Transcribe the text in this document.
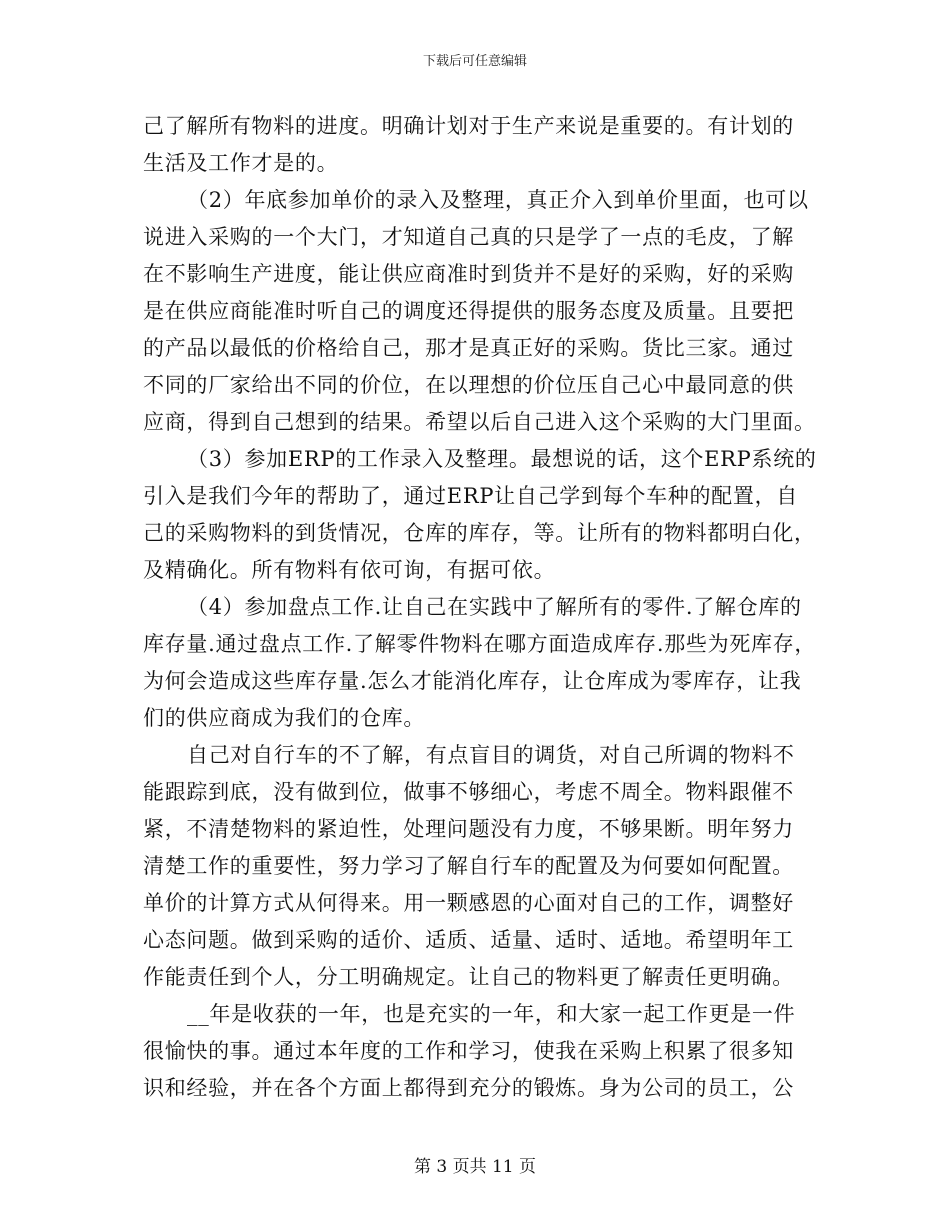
下载后可任意编辑
己了解所有物料的进度。明确计划对于生产来说是重要的。有计划的
生活及工作才是的。
（2）年底参加单价的录入及整理，真正介入到单价里面，也可以
说进入采购的一个大门，才知道自己真的只是学了一点的毛皮，了解
在不影响生产进度，能让供应商准时到货并不是好的采购，好的采购
是在供应商能准时听自己的调度还得提供的服务态度及质量。且要把
的产品以最低的价格给自己，那才是真正好的采购。货比三家。通过
不同的厂家给出不同的价位，在以理想的价位压自己心中最同意的供
应商，得到自己想到的结果。希望以后自己进入这个采购的大门里面。
（3）参加ERP的工作录入及整理。最想说的话，这个ERP系统的
引入是我们今年的帮助了，通过ERP让自己学到每个车种的配置，自
己的采购物料的到货情况，仓库的库存，等。让所有的物料都明白化，
及精确化。所有物料有依可询，有据可依。
（4）参加盘点工作.让自己在实践中了解所有的零件.了解仓库的
库存量.通过盘点工作.了解零件物料在哪方面造成库存.那些为死库存，
为何会造成这些库存量.怎么才能消化库存，让仓库成为零库存，让我
们的供应商成为我们的仓库。
自己对自行车的不了解，有点盲目的调货，对自己所调的物料不
能跟踪到底，没有做到位，做事不够细心，考虑不周全。物料跟催不
紧，不清楚物料的紧迫性，处理问题没有力度，不够果断。明年努力
清楚工作的重要性，努力学习了解自行车的配置及为何要如何配置。
单价的计算方式从何得来。用一颗感恩的心面对自己的工作，调整好
心态问题。做到采购的适价、适质、适量、适时、适地。希望明年工
作能责任到个人，分工明确规定。让自己的物料更了解责任更明确。
__年是收获的一年，也是充实的一年，和大家一起工作更是一件
很愉快的事。通过本年度的工作和学习，使我在采购上积累了很多知
识和经验，并在各个方面上都得到充分的锻炼。身为公司的员工，公
第 3 页共 11 页
